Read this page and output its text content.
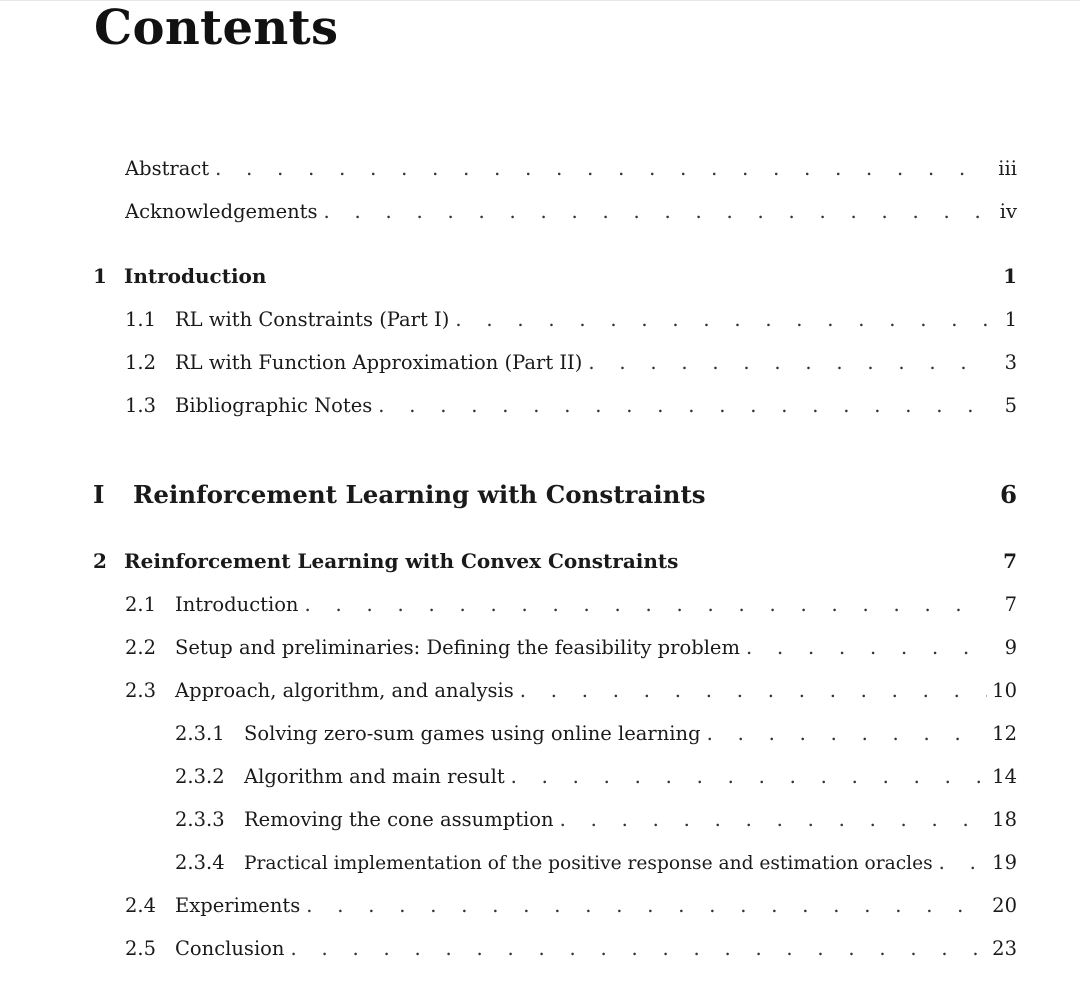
Contents
Abstract . . .	iii
Acknowledgements . . .	iv
1 Introduction	1
1.1 RL with Constraints (Part I) . . .	1
1.2 RL with Function Approximation (Part II) . . .	3
1.3 Bibliographic Notes . . .	5
I	Reinforcement Learning with Constraints	6
2 Reinforcement Learning with Convex Constraints	7
2.1 Introduction . . .	7
2.2 Setup and preliminaries: Defining the feasibility problem . . .	9
2.3 Approach, algorithm, and analysis . . .	10
2.3.1 Solving zero-sum games using online learning . . .	12
2.3.2 Algorithm and main result . . .	14
2.3.3 Removing the cone assumption . . .	18
2.3.4	Practical implementation of the positive response and estimation oracles . . .	19
2.4 Experiments . . .	20
2.5 Conclusion . . .	23
